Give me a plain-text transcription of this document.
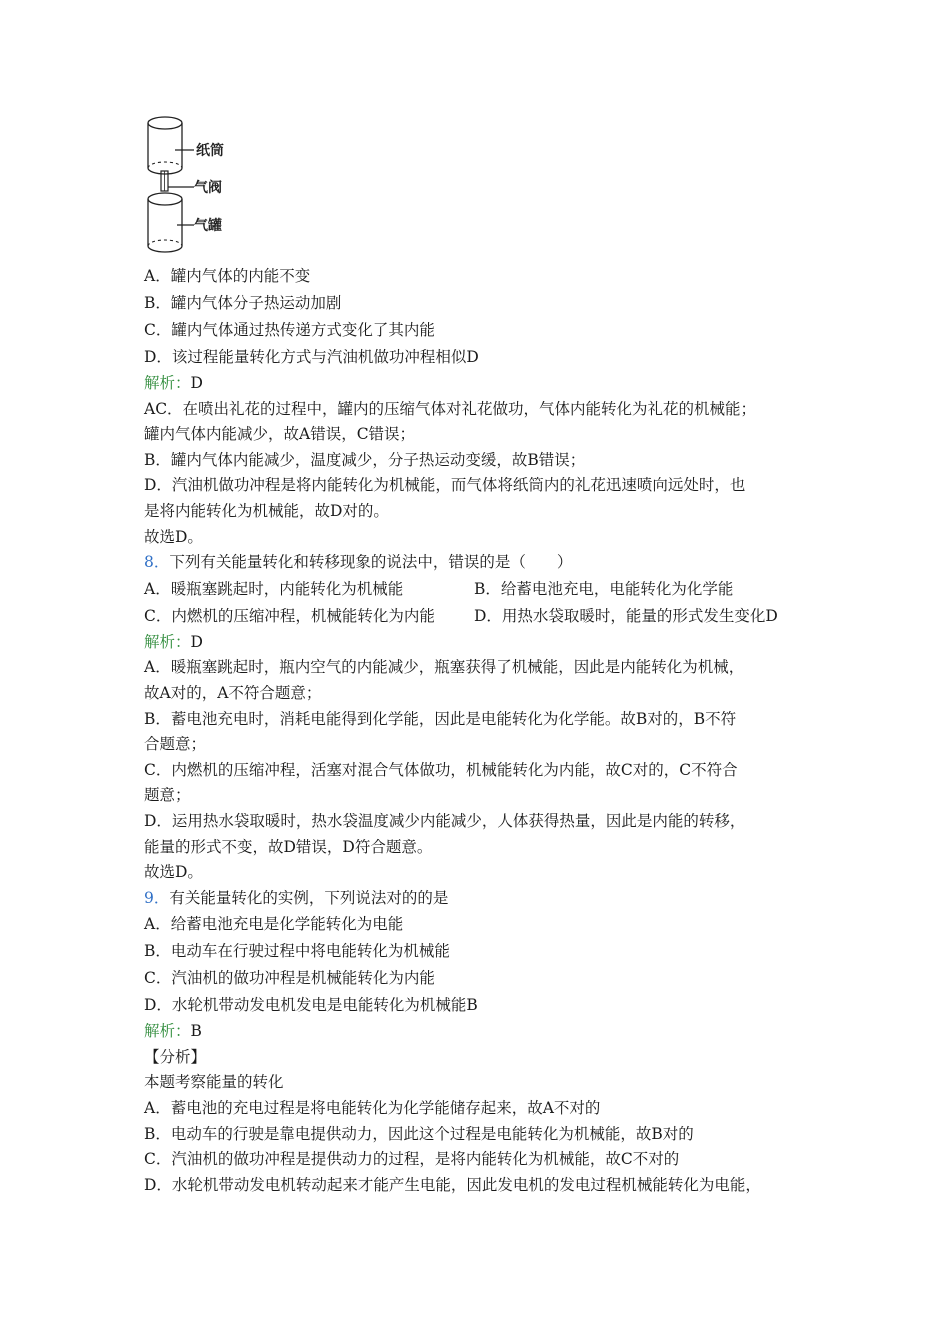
纸筒
气阀
气罐
A．罐内气体的内能不变
B．罐内气体分子热运动加剧
C．罐内气体通过热传递方式变化了其内能
D．该过程能量转化方式与汽油机做功冲程相似D
解析：D
AC．在喷出礼花的过程中，罐内的压缩气体对礼花做功，气体内能转化为礼花的机械能；
罐内气体内能减少，故A错误，C错误；
B．罐内气体内能减少，温度减少，分子热运动变缓，故B错误；
D．汽油机做功冲程是将内能转化为机械能，而气体将纸筒内的礼花迅速喷向远处时，也
是将内能转化为机械能，故D对的。
故选D。
8．下列有关能量转化和转移现象的说法中，错误的是（　　）
A．暖瓶塞跳起时，内能转化为机械能	B．给蓄电池充电，电能转化为化学能
C．内燃机的压缩冲程，机械能转化为内能	D．用热水袋取暖时，能量的形式发生变化D
解析：D
A．暖瓶塞跳起时，瓶内空气的内能减少，瓶塞获得了机械能，因此是内能转化为机械，
故A对的，A不符合题意；
B．蓄电池充电时，消耗电能得到化学能，因此是电能转化为化学能。故B对的，B不符
合题意；
C．内燃机的压缩冲程，活塞对混合气体做功，机械能转化为内能，故C对的，C不符合
题意；
D．运用热水袋取暖时，热水袋温度减少内能减少，人体获得热量，因此是内能的转移，
能量的形式不变，故D错误，D符合题意。
故选D。
9．有关能量转化的实例，下列说法对的的是
A．给蓄电池充电是化学能转化为电能
B．电动车在行驶过程中将电能转化为机械能
C．汽油机的做功冲程是机械能转化为内能
D．水轮机带动发电机发电是电能转化为机械能B
解析：B
【分析】
本题考察能量的转化
A．蓄电池的充电过程是将电能转化为化学能储存起来，故A不对的
B．电动车的行驶是靠电提供动力，因此这个过程是电能转化为机械能，故B对的
C．汽油机的做功冲程是提供动力的过程，是将内能转化为机械能，故C不对的
D．水轮机带动发电机转动起来才能产生电能，因此发电机的发电过程机械能转化为电能，
